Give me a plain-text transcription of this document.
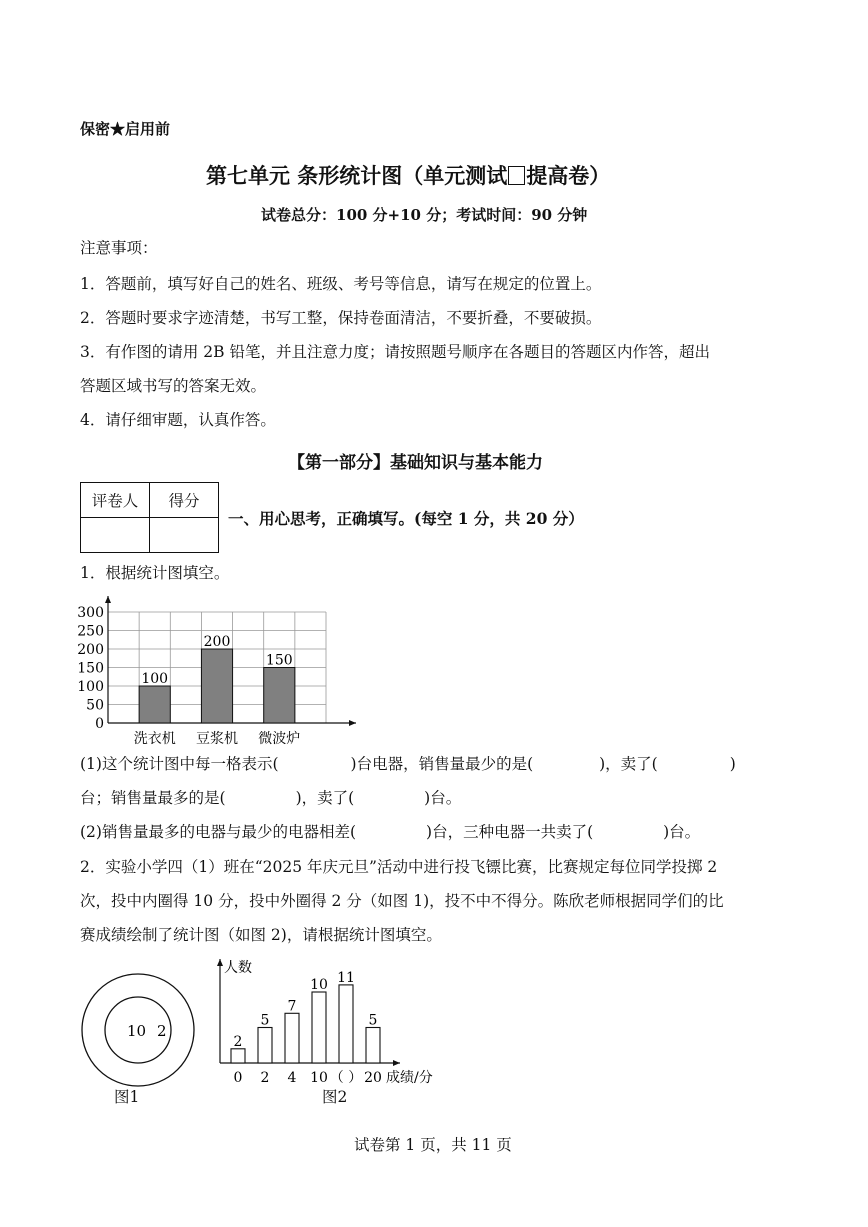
保密★启用前
第七单元 条形统计图（单元测试 提高卷）
试卷总分：100 分+10 分；考试时间：90 分钟
注意事项：
1．答题前，填写好自己的姓名、班级、考号等信息，请写在规定的位置上。
2．答题时要求字迹清楚，书写工整，保持卷面清洁，不要折叠，不要破损。
3．有作图的请用 2B 铅笔，并且注意力度；请按照题号顺序在各题目的答题区内作答，超出
答题区域书写的答案无效。
4．请仔细审题，认真作答。
【第一部分】基础知识与基本能力
评卷人	得分

一、用心思考，正确填写。(每空 1 分，共 20 分）
1．根据统计图填空。
0
50
100
150
200
250
300
100
洗衣机
200
豆浆机
150
微波炉
(1)这个统计图中每一格表示(	)台电器，销售量最少的是(	)，卖了(	)
台；销售量最多的是(	)，卖了(	)台。
(2)销售量最多的电器与最少的电器相差(	)台，三种电器一共卖了(	)台。
2．实验小学四（1）班在“2025 年庆元旦”活动中进行投飞镖比赛，比赛规定每位同学投掷 2
次，投中内圈得 10 分，投中外圈得 2 分（如图 1)，投不中不得分。陈欣老师根据同学们的比
赛成绩绘制了统计图（如图 2)，请根据统计图填空。
10 2
图1
人数
成绩/分
2
0
5
2
7
4
10
10
11
（ ）
5
20
图2
试卷第 1 页，共 11 页
